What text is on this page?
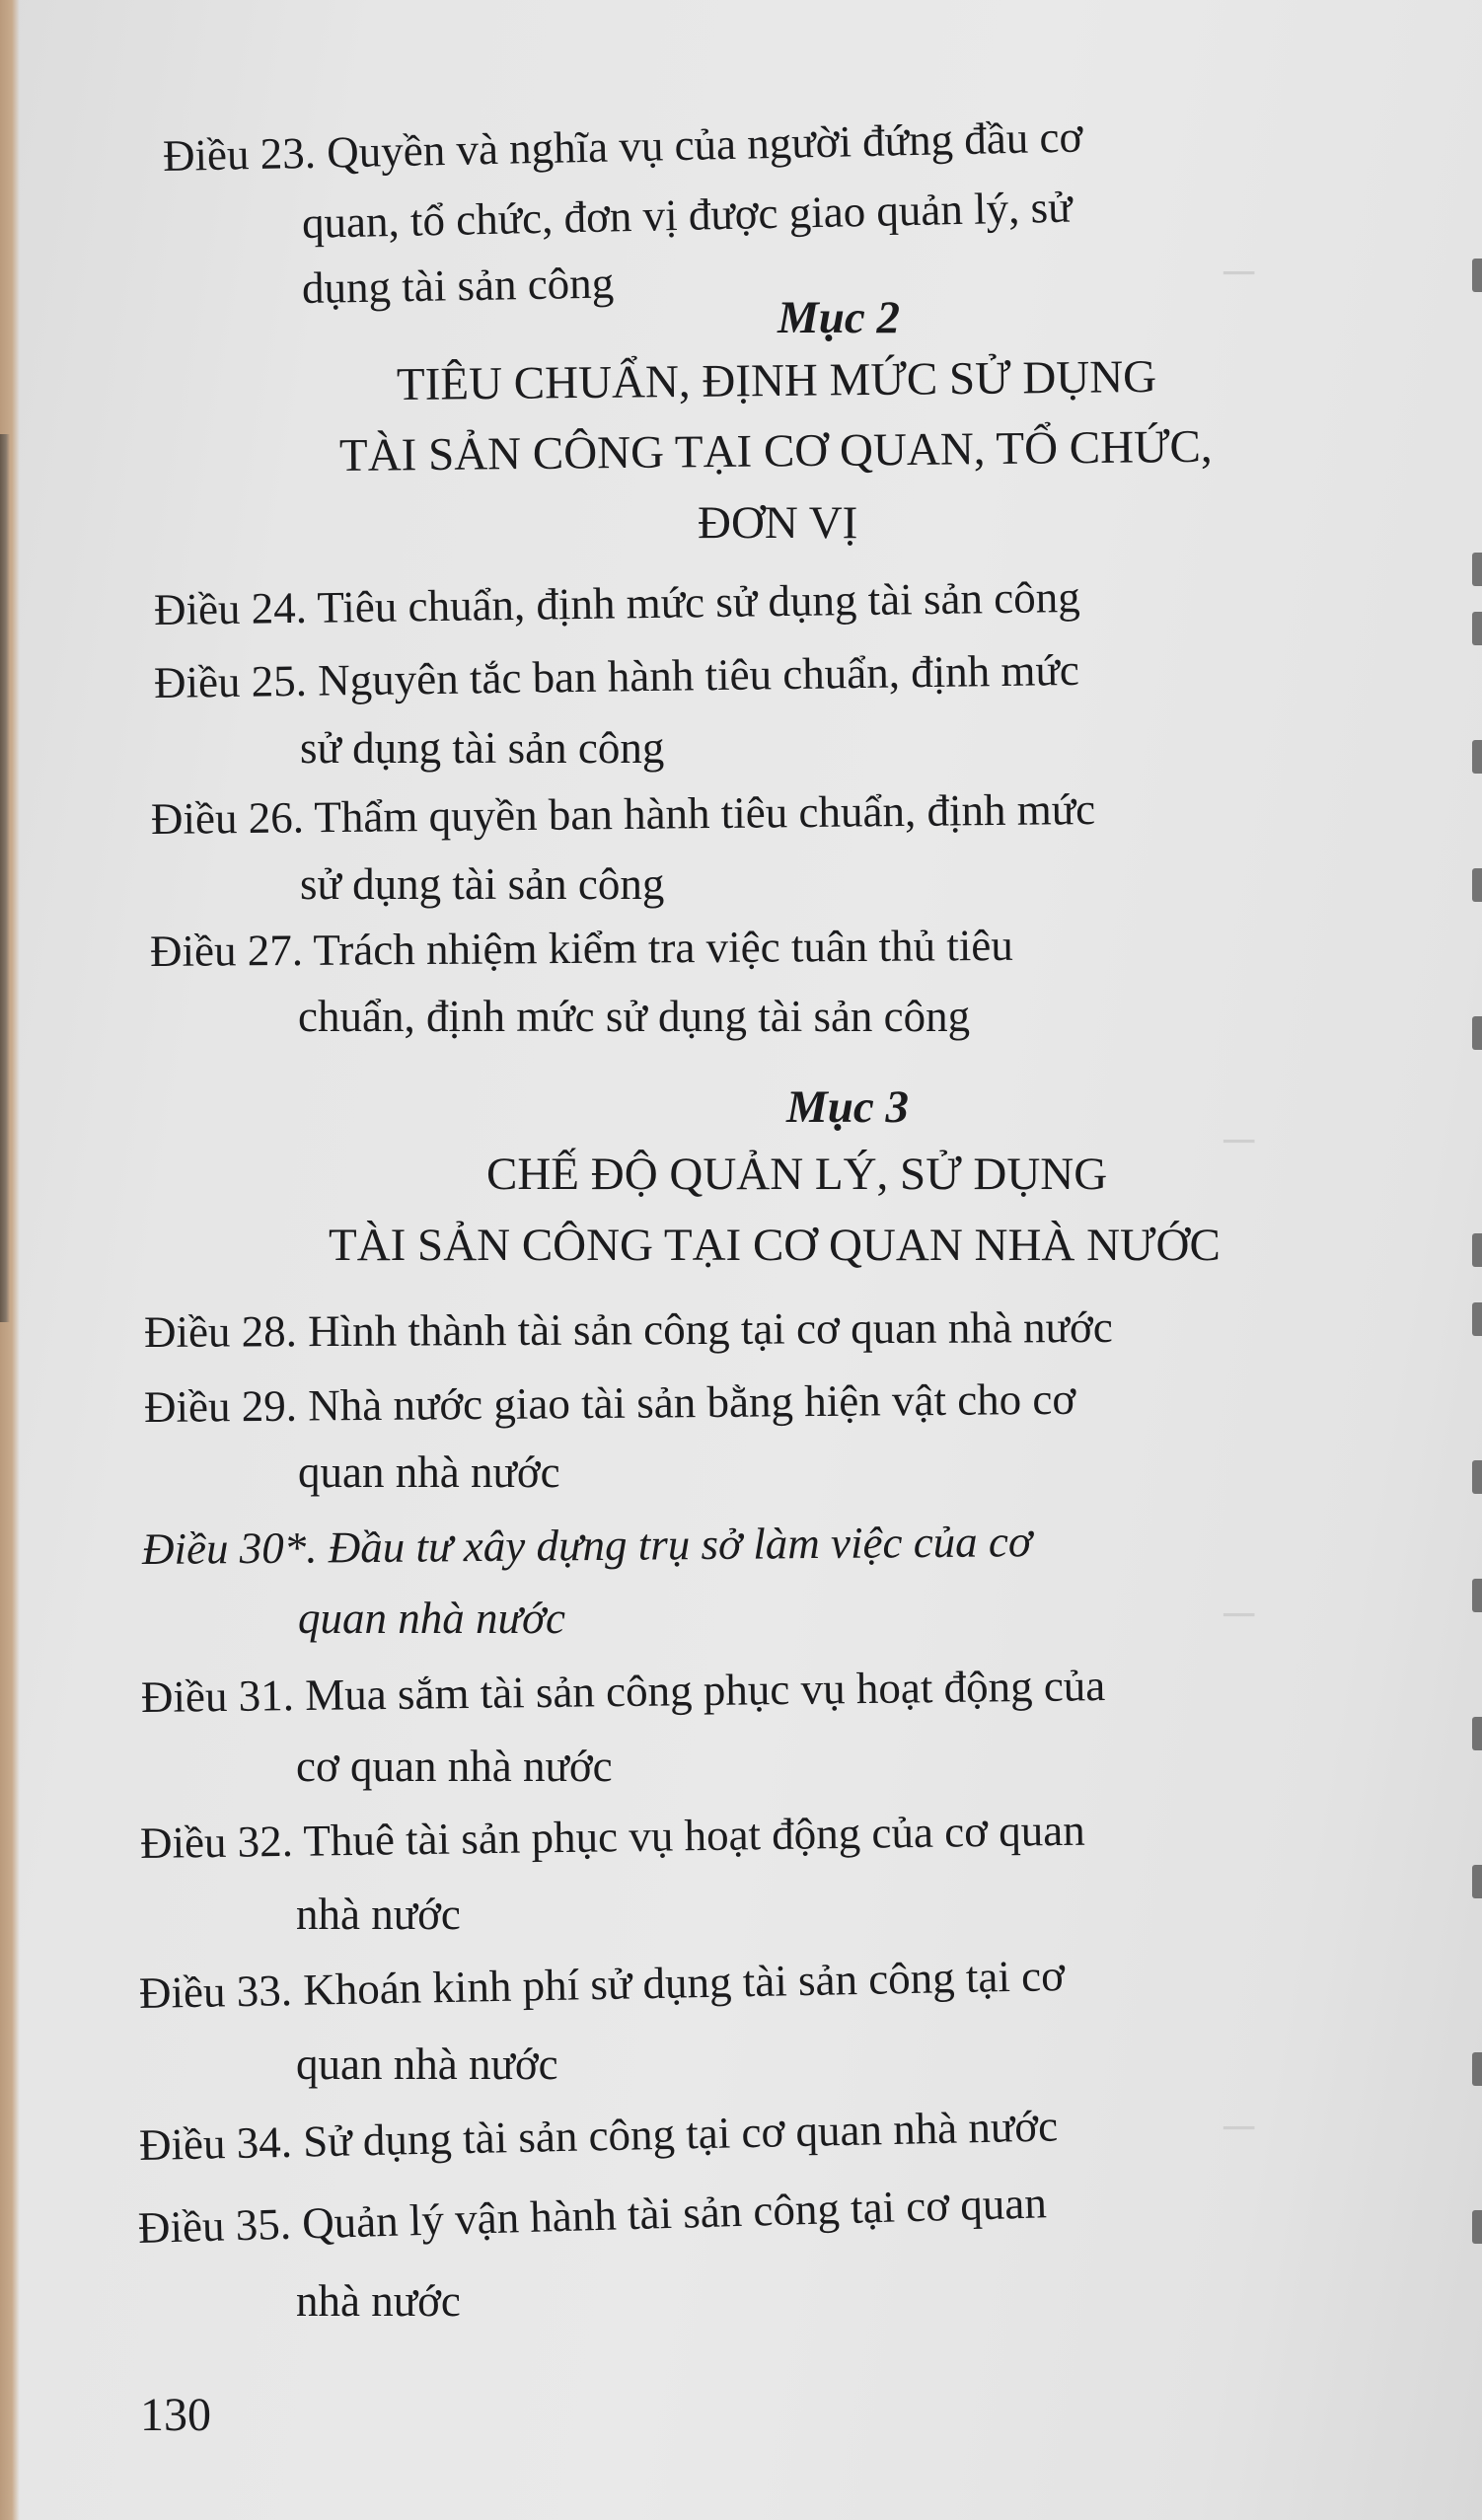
─
─
─
─
Điều 23. Quyền và nghĩa vụ của người đứng đầu cơ
quan, tổ chức, đơn vị được giao quản lý, sử
dụng tài sản công
Mục 2
TIÊU CHUẨN, ĐỊNH MỨC SỬ DỤNG
TÀI SẢN CÔNG TẠI CƠ QUAN, TỔ CHỨC,
ĐƠN VỊ
Điều 24. Tiêu chuẩn, định mức sử dụng tài sản công
Điều 25. Nguyên tắc ban hành tiêu chuẩn, định mức
sử dụng tài sản công
Điều 26. Thẩm quyền ban hành tiêu chuẩn, định mức
sử dụng tài sản công
Điều 27. Trách nhiệm kiểm tra việc tuân thủ tiêu
chuẩn, định mức sử dụng tài sản công
Mục 3
CHẾ ĐỘ QUẢN LÝ, SỬ DỤNG
TÀI SẢN CÔNG TẠI CƠ QUAN NHÀ NƯỚC
Điều 28. Hình thành tài sản công tại cơ quan nhà nước
Điều 29. Nhà nước giao tài sản bằng hiện vật cho cơ
quan nhà nước
Điều 30*. Đầu tư xây dựng trụ sở làm việc của cơ
quan nhà nước
Điều 31. Mua sắm tài sản công phục vụ hoạt động của
cơ quan nhà nước
Điều 32. Thuê tài sản phục vụ hoạt động của cơ quan
nhà nước
Điều 33. Khoán kinh phí sử dụng tài sản công tại cơ
quan nhà nước
Điều 34. Sử dụng tài sản công tại cơ quan nhà nước
Điều 35. Quản lý vận hành tài sản công tại cơ quan
nhà nước
130
